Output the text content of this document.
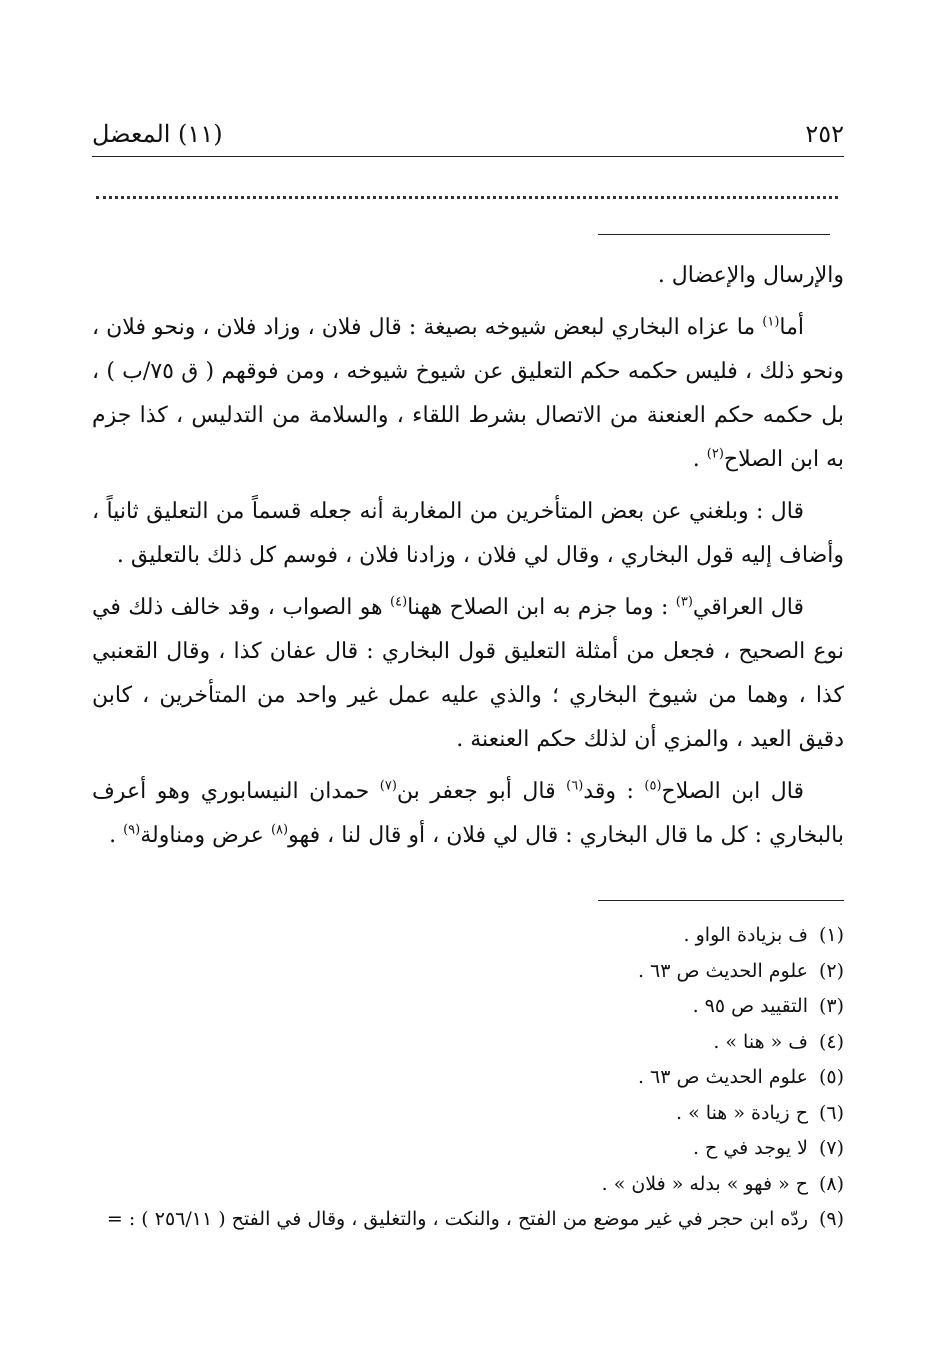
٢٥٢
(١١) المعضل

والإرسال والإعضال .

أما$^{(١)}$ ما عزاه البخاري لبعض شيوخه بصيغة : قال فلان ، وزاد فلان ، ونحو فلان ، ونحو ذلك ، فليس حكمه حكم التعليق عن شيوخ شيوخه ، ومن فوقهم ( ق ٧٥/ب ) ، بل حكمه حكم العنعنة من الاتصال بشرط اللقاء ، والسلامة من التدليس ، كذا جزم به ابن الصلاح$^{(٢)}$ .

قال : وبلغني عن بعض المتأخرين من المغاربة أنه جعله قسماً من التعليق ثانياً ، وأضاف إليه قول البخاري ، وقال لي فلان ، وزادنا فلان ، فوسم كل ذلك بالتعليق .

قال العراقي$^{(٣)}$ : وما جزم به ابن الصلاح ههنا$^{(٤)}$ هو الصواب ، وقد خالف ذلك في نوع الصحيح ، فجعل من أمثلة التعليق قول البخاري : قال عفان كذا ، وقال القعنبي كذا ، وهما من شيوخ البخاري ؛ والذي عليه عمل غير واحد من المتأخرين ، كابن دقيق العيد ، والمزي أن لذلك حكم العنعنة .

قال ابن الصلاح$^{(٥)}$ : وقد$^{(٦)}$ قال أبو جعفر بن$^{(٧)}$ حمدان النيسابوري وهو أعرف بالبخاري : كل ما قال البخاري : قال لي فلان ، أو قال لنا ، فهو$^{(٨)}$ عرض ومناولة$^{(٩)}$ .

(١)ف بزيادة الواو .
(٢)علوم الحديث ص ٦٣ .
(٣)التقييد ص ٩٥ .
(٤)ف « هنا » .
(٥)علوم الحديث ص ٦٣ .
(٦)ح زيادة « هنا » .
(٧)لا يوجد في ح .
(٨)ح « فهو » بدله « فلان » .
(٩)ردّه ابن حجر في غير موضع من الفتح ، والنكت ، والتغليق ، وقال في الفتح ( ٢٥٦/١١ ) : =
